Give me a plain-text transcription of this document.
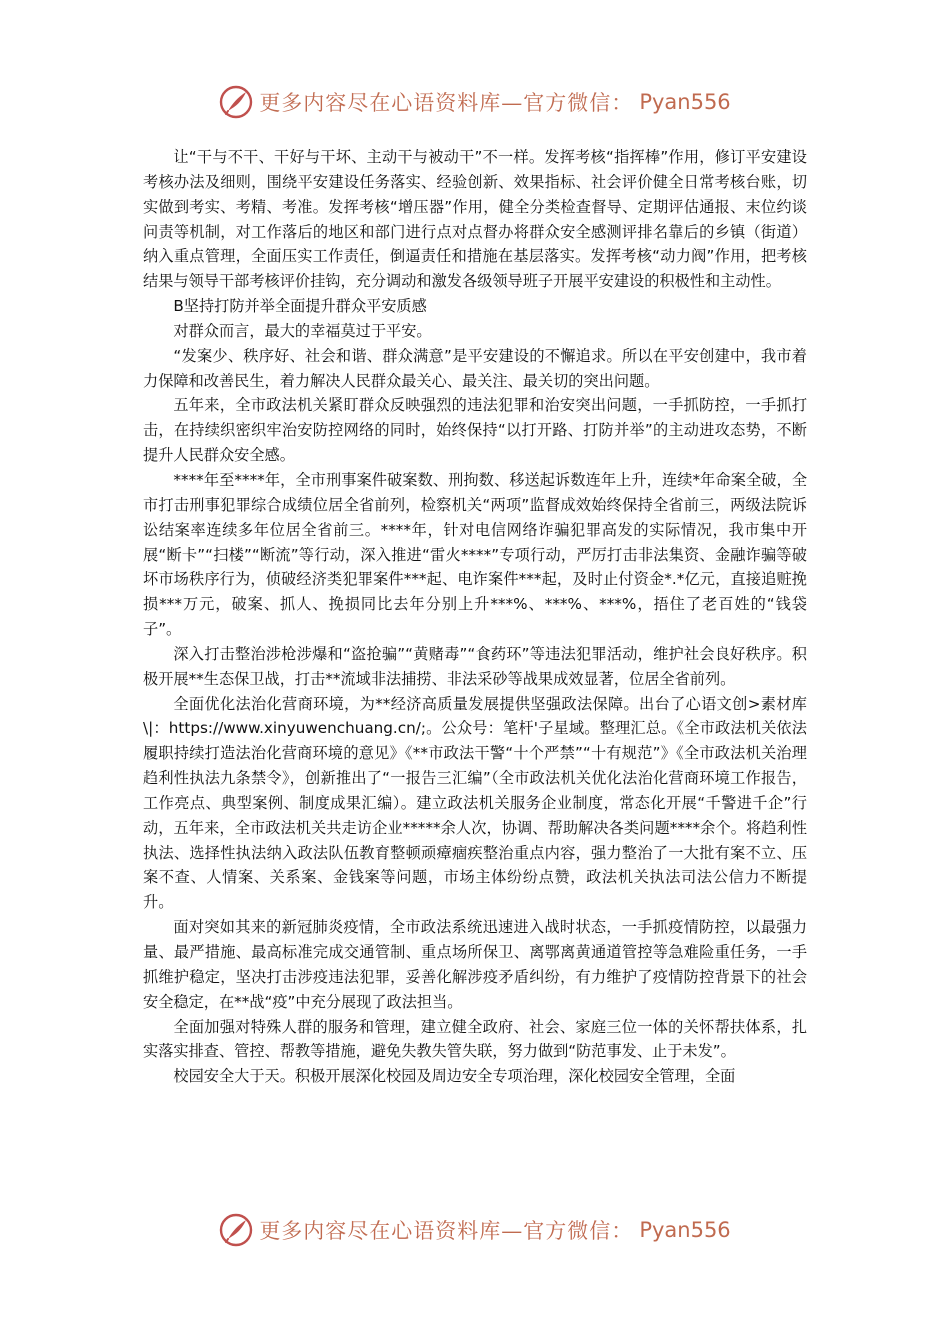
更多内容尽在心语资料库—官方微信： Pyan556

让“干与不干、干好与干坏、主动干与被动干”不一样。发挥考核“指挥棒”作用，修订平安建设考核办法及细则，围绕平安建设任务落实、经验创新、效果指标、社会评价健全日常考核台账，切实做到考实、考精、考准。发挥考核“增压器”作用，健全分类检查督导、定期评估通报、末位约谈问责等机制，对工作落后的地区和部门进行点对点督办将群众安全感测评排名靠后的乡镇（街道）纳入重点管理，全面压实工作责任，倒逼责任和措施在基层落实。发挥考核“动力阀”作用，把考核结果与领导干部考核评价挂钩，充分调动和激发各级领导班子开展平安建设的积极性和主动性。

B坚持打防并举全面提升群众平安质感

对群众而言，最大的幸福莫过于平安。

“发案少、秩序好、社会和谐、群众满意”是平安建设的不懈追求。所以在平安创建中，我市着力保障和改善民生，着力解决人民群众最关心、最关注、最关切的突出问题。

五年来，全市政法机关紧盯群众反映强烈的违法犯罪和治安突出问题，一手抓防控，一手抓打击，在持续织密织牢治安防控网络的同时，始终保持“以打开路、打防并举”的主动进攻态势，不断提升人民群众安全感。

****年至****年，全市刑事案件破案数、刑拘数、移送起诉数连年上升，连续*年命案全破，全市打击刑事犯罪综合成绩位居全省前列，检察机关“两项”监督成效始终保持全省前三，两级法院诉讼结案率连续多年位居全省前三。****年，针对电信网络诈骗犯罪高发的实际情况，我市集中开展“断卡”“扫楼”“断流”等行动，深入推进“雷火****”专项行动，严厉打击非法集资、金融诈骗等破坏市场秩序行为，侦破经济类犯罪案件***起、电诈案件***起，及时止付资金*.*亿元，直接追赃挽损***万元，破案、抓人、挽损同比去年分别上升***%、***%、***%，捂住了老百姓的“钱袋子”。

深入打击整治涉枪涉爆和“盗抢骗”“黄赌毒”“食药环”等违法犯罪活动，维护社会良好秩序。积极开展**生态保卫战，打击**流域非法捕捞、非法采砂等战果成效显著，位居全省前列。

全面优化法治化营商环境，为**经济高质量发展提供坚强政法保障。出台了心语文创>素材库\|：https://www.xinyuwenchuang.cn/;。公众号：笔杆'子星域。整理汇总。《全市政法机关依法履职持续打造法治化营商环境的意见》《**市政法干警“十个严禁”“十有规范”》《全市政法机关治理趋利性执法九条禁令》，创新推出了“一报告三汇编”（全市政法机关优化法治化营商环境工作报告，工作亮点、典型案例、制度成果汇编）。建立政法机关服务企业制度，常态化开展“千警进千企”行动，五年来，全市政法机关共走访企业*****余人次，协调、帮助解决各类问题****余个。将趋利性执法、选择性执法纳入政法队伍教育整顿顽瘴痼疾整治重点内容，强力整治了一大批有案不立、压案不查、人情案、关系案、金钱案等问题，市场主体纷纷点赞，政法机关执法司法公信力不断提升。

面对突如其来的新冠肺炎疫情，全市政法系统迅速进入战时状态，一手抓疫情防控，以最强力量、最严措施、最高标准完成交通管制、重点场所保卫、离鄂离黄通道管控等急难险重任务，一手抓维护稳定，坚决打击涉疫违法犯罪，妥善化解涉疫矛盾纠纷，有力维护了疫情防控背景下的社会安全稳定，在**战“疫”中充分展现了政法担当。

全面加强对特殊人群的服务和管理，建立健全政府、社会、家庭三位一体的关怀帮扶体系，扎实落实排查、管控、帮教等措施，避免失教失管失联，努力做到“防范事发、止于未发”。

校园安全大于天。积极开展深化校园及周边安全专项治理，深化校园安全管理，全面

更多内容尽在心语资料库—官方微信： Pyan556
